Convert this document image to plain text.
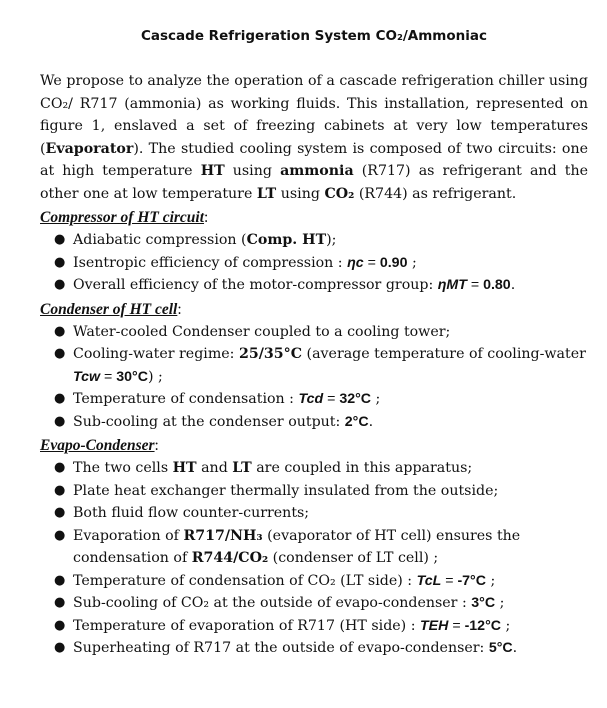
Cascade Refrigeration System CO₂/Ammoniac

We propose to analyze the operation of a cascade refrigeration chiller using CO₂/ R717 (ammonia) as working fluids. This installation, represented on figure 1, enslaved a set of freezing cabinets at very low temperatures (Evaporator). The studied cooling system is composed of two circuits: one at high temperature HT using ammonia (R717) as refrigerant and the other one at low temperature LT using CO₂ (R744) as refrigerant.

Compressor of HT circuit:

● Adiabatic compression (Comp. HT);
● Isentropic efficiency of compression : ηc = 0.90 ;
● Overall efficiency of the motor-compressor group: ηMT = 0.80.

Condenser of HT cell:

● Water-cooled Condenser coupled to a cooling tower;
● Cooling-water regime: 25/35°C (average temperature of cooling-water Tcw = 30°C) ;
● Temperature of condensation : Tcd = 32°C ;
● Sub-cooling at the condenser output: 2°C.

Evapo-Condenser:

● The two cells HT and LT are coupled in this apparatus;
● Plate heat exchanger thermally insulated from the outside;
● Both fluid flow counter-currents;
● Evaporation of R717/NH₃ (evaporator of HT cell) ensures the condensation of R744/CO₂ (condenser of LT cell) ;
● Temperature of condensation of CO₂ (LT side) : TcL = -7°C ;
● Sub-cooling of CO₂ at the outside of evapo-condenser : 3°C ;
● Temperature of evaporation of R717 (HT side) : TEH = -12°C ;
● Superheating of R717 at the outside of evapo-condenser: 5°C.
